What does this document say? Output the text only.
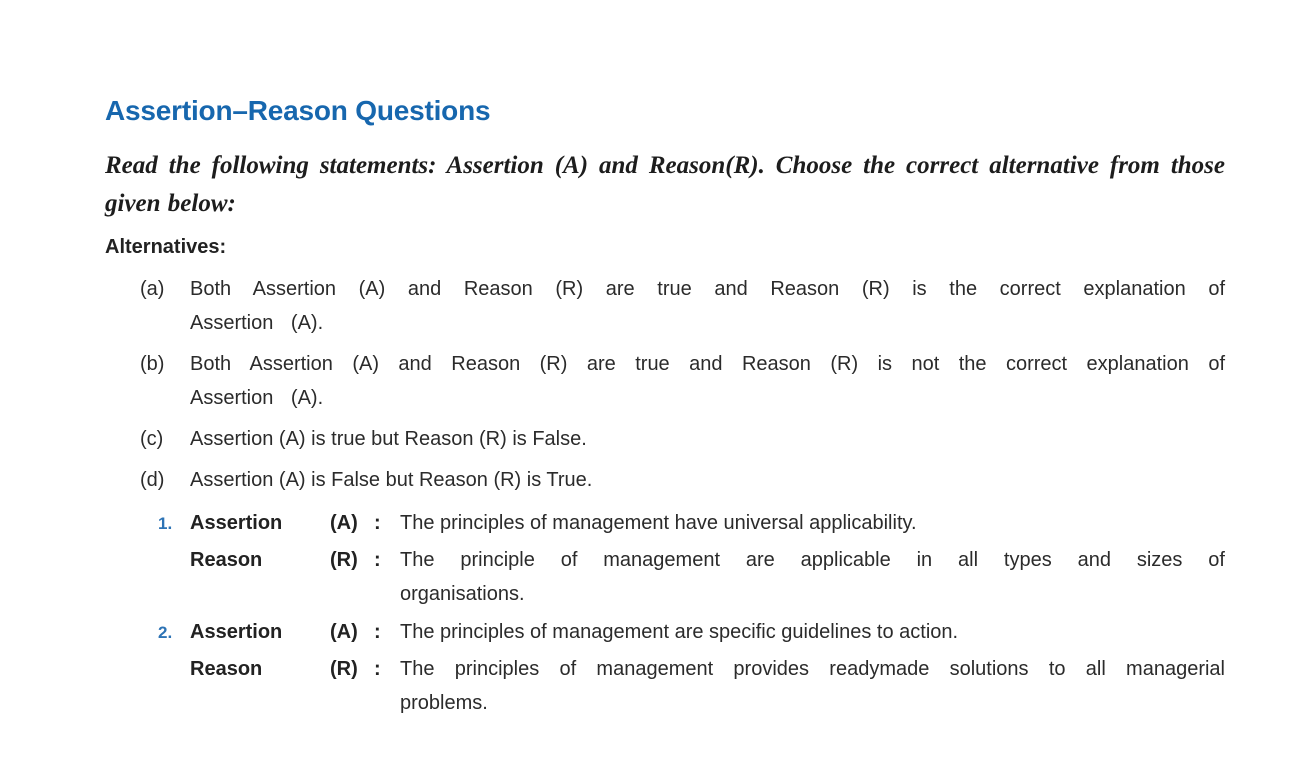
Assertion–Reason Questions

Read the following statements: Assertion (A) and Reason(R). Choose the correct alternative from those given below:

Alternatives:
(a)	Both Assertion (A) and Reason (R) are true and Reason (R) is the correct explanation of Assertion (A).
(b)	Both Assertion (A) and Reason (R) are true and Reason (R) is not the correct explanation of Assertion (A).
(c)	Assertion (A) is true but Reason (R) is False.
(d)	Assertion (A) is False but Reason (R) is True.
1. Assertion	(A) : The principles of management have universal applicability.
Reason	(R) : The principle of management are applicable in all types and sizes of organisations.
2. Assertion	(A) : The principles of management are specific guidelines to action.
Reason	(R) : The principles of management provides readymade solutions to all managerial problems.
